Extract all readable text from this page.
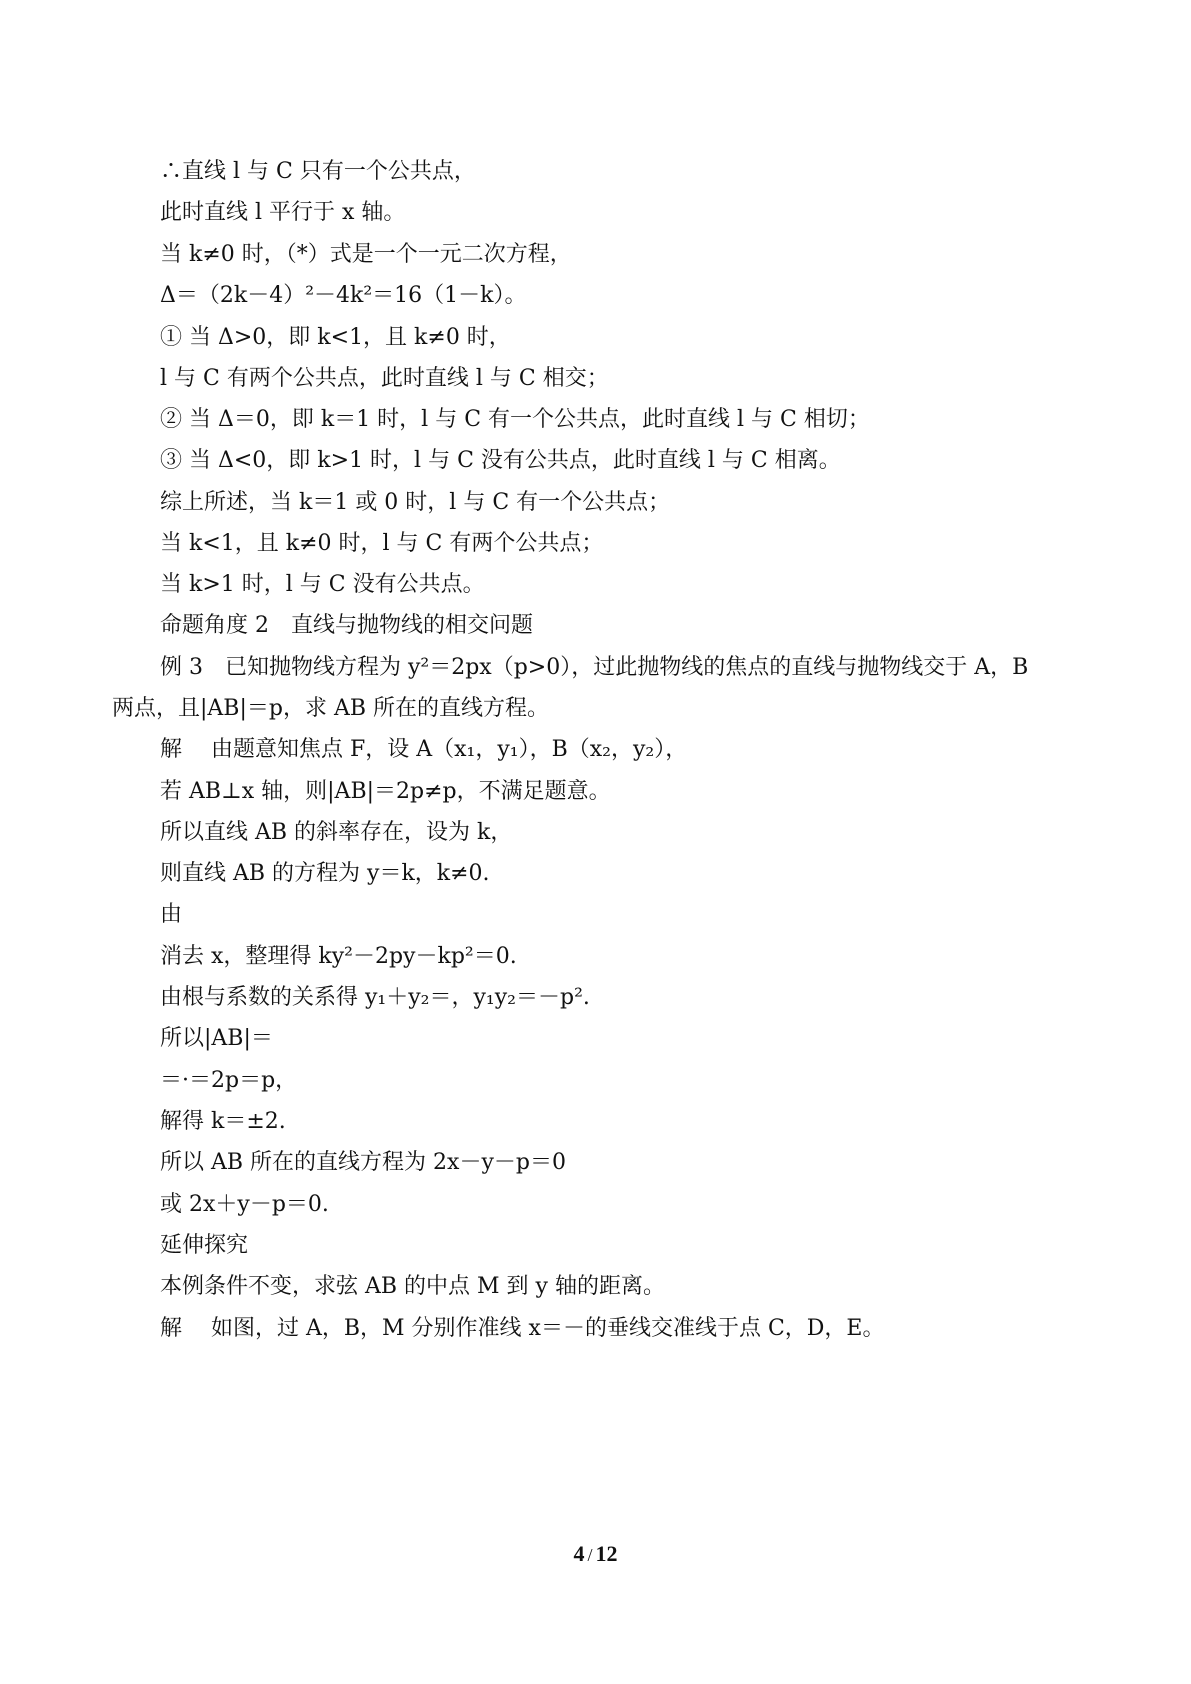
∴直线 l 与 C 只有一个公共点，
此时直线 l 平行于 x 轴。
当 k≠0 时，（*）式是一个一元二次方程，
Δ＝（2k－4）²－4k²＝16（1－k）。
① 当 Δ>0，即 k<1，且 k≠0 时，
l 与 C 有两个公共点，此时直线 l 与 C 相交；
② 当 Δ＝0，即 k＝1 时，l 与 C 有一个公共点，此时直线 l 与 C 相切；
③ 当 Δ<0，即 k>1 时，l 与 C 没有公共点，此时直线 l 与 C 相离。
综上所述，当 k＝1 或 0 时，l 与 C 有一个公共点；
当 k<1，且 k≠0 时，l 与 C 有两个公共点；
当 k>1 时，l 与 C 没有公共点。
命题角度 2　直线与抛物线的相交问题
例 3　已知抛物线方程为 y²＝2px（p>0），过此抛物线的焦点的直线与抛物线交于 A，B
两点，且|AB|＝p，求 AB 所在的直线方程。
解　 由题意知焦点 F，设 A（x₁，y₁），B（x₂，y₂），
若 AB⊥x 轴，则|AB|＝2p≠p，不满足题意。
所以直线 AB 的斜率存在，设为 k，
则直线 AB 的方程为 y＝k，k≠0.
由
消去 x，整理得 ky²－2py－kp²＝0.
由根与系数的关系得 y₁＋y₂＝，y₁y₂＝－p².
所以|AB|＝
＝·＝2p＝p，
解得 k＝±2.
所以 AB 所在的直线方程为 2x－y－p＝0
或 2x＋y－p＝0.
延伸探究
本例条件不变，求弦 AB 的中点 M 到 y 轴的距离。
解　 如图，过 A，B，M 分别作准线 x＝－的垂线交准线于点 C，D，E。
4 / 12
